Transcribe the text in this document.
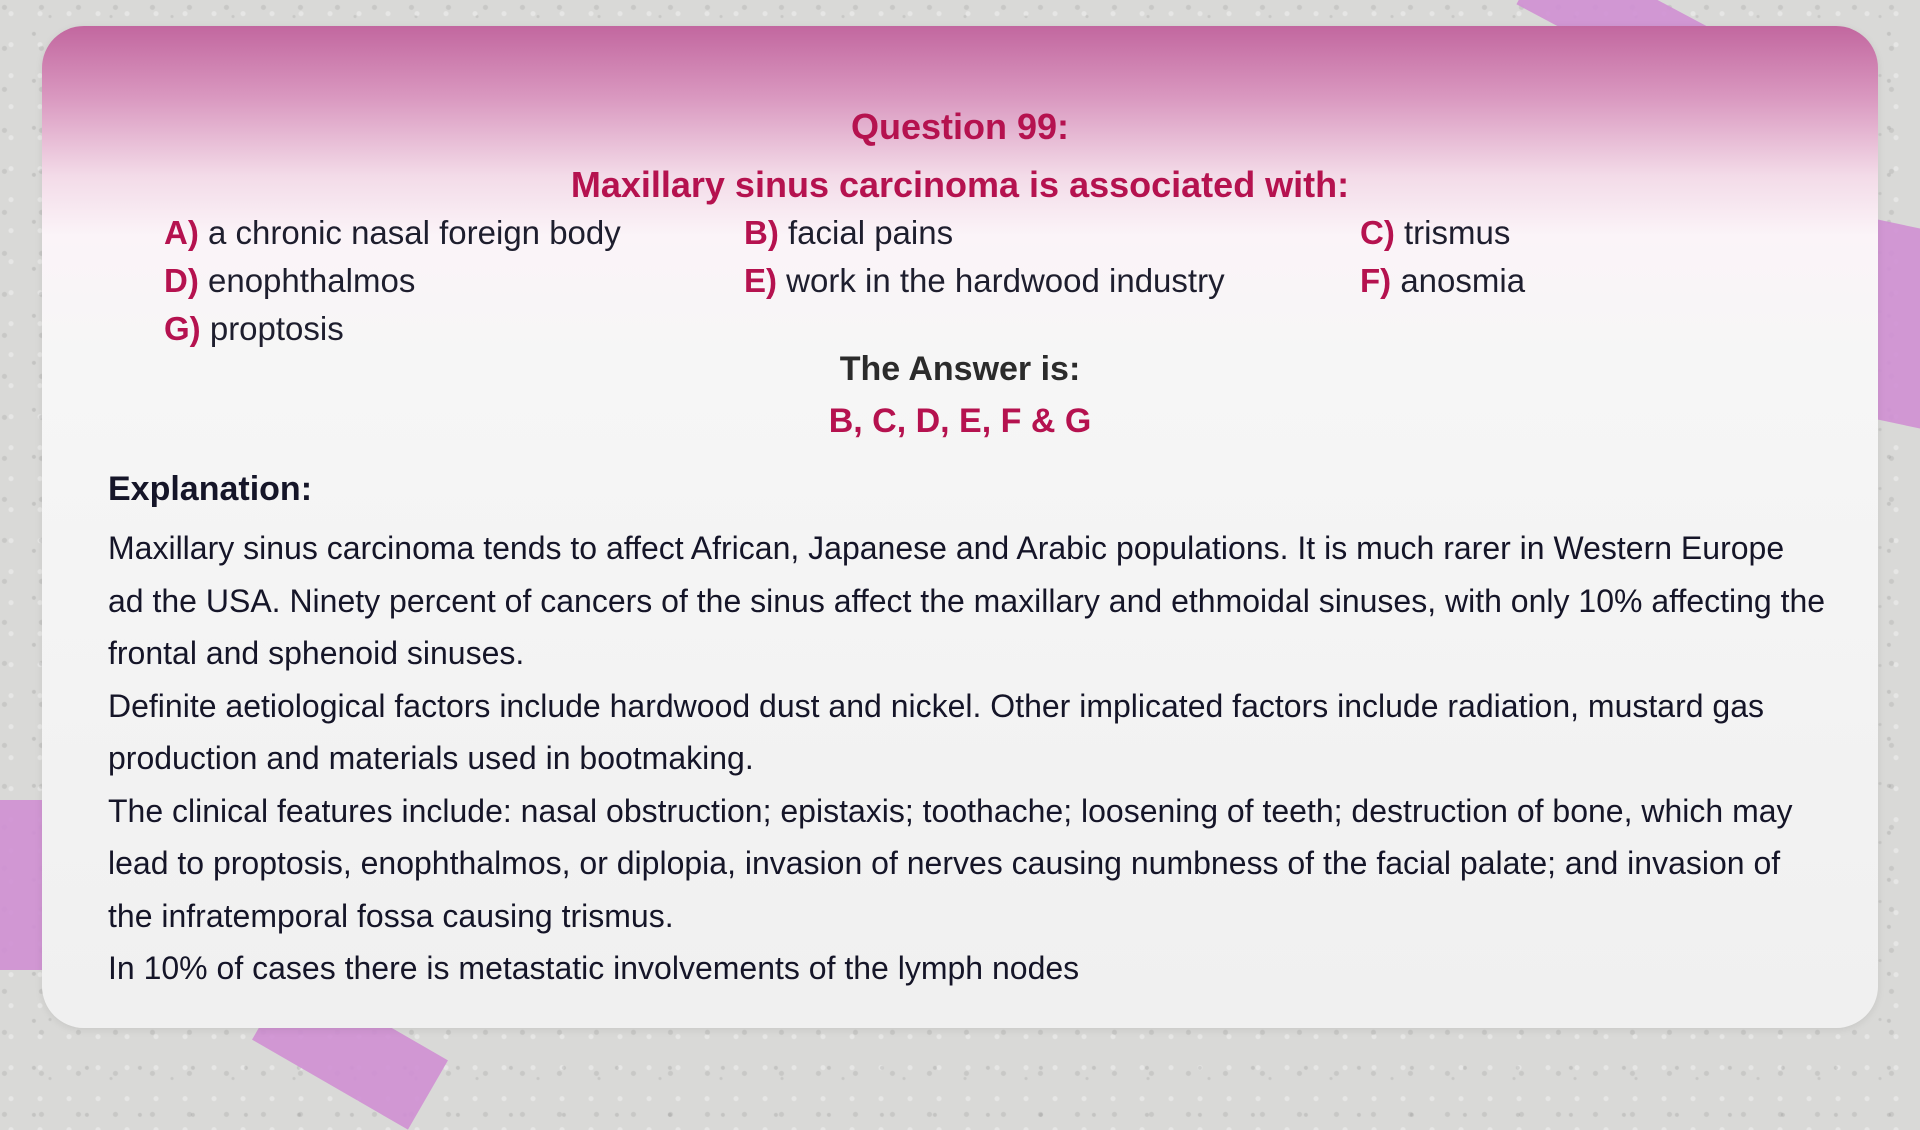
Question 99:
Maxillary sinus carcinoma is associated with:
A) a chronic nasal foreign body	B) facial pains	C) trismus
D) enophthalmos	E) work in the hardwood industry	F) anosmia
G) proptosis
The Answer is:
B, C, D, E, F & G
Explanation:

Maxillary sinus carcinoma tends to affect African, Japanese and Arabic populations. It is much rarer in Western Europe ad the USA. Ninety percent of cancers of the sinus affect the maxillary and ethmoidal sinuses, with only 10% affecting the frontal and sphenoid sinuses.

Definite aetiological factors include hardwood dust and nickel. Other implicated factors include radiation, mustard gas production and materials used in bootmaking.

The clinical features include: nasal obstruction; epistaxis; toothache; loosening of teeth; destruction of bone, which may lead to proptosis, enophthalmos, or diplopia, invasion of nerves causing numbness of the facial palate; and invasion of the infratemporal fossa causing trismus.

In 10% of cases there is metastatic involvements of the lymph nodes
